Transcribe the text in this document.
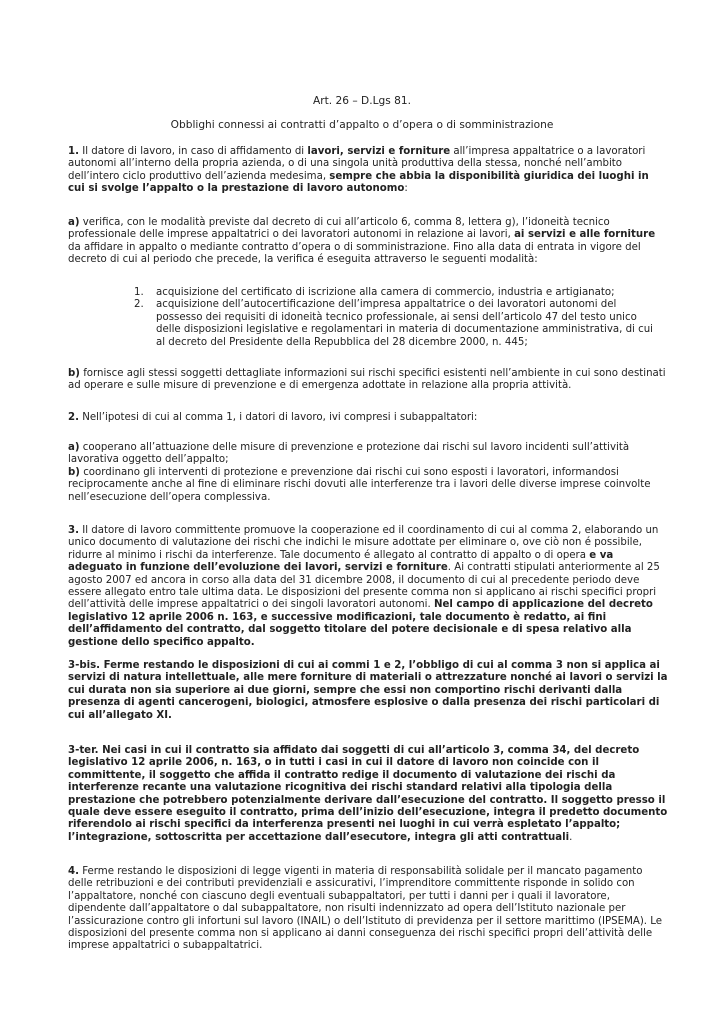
Art. 26 – D.Lgs 81.
Obblighi connessi ai contratti d’appalto o d’opera o di somministrazione

1. Il datore di lavoro, in caso di affidamento di lavori, servizi e forniture all’impresa appaltatrice o a lavoratori autonomi all’interno della propria azienda, o di una singola unità produttiva della stessa, nonché nell’ambito dell’intero ciclo produttivo dell’azienda medesima, sempre che abbia la disponibilità giuridica dei luoghi in cui si svolge l’appalto o la prestazione di lavoro autonomo:

a) verifica, con le modalità previste dal decreto di cui all’articolo 6, comma 8, lettera g), l’idoneità tecnico professionale delle imprese appaltatrici o dei lavoratori autonomi in relazione ai lavori, ai servizi e alle forniture da affidare in appalto o mediante contratto d’opera o di somministrazione. Fino alla data di entrata in vigore del decreto di cui al periodo che precede, la verifica é eseguita attraverso le seguenti modalità:

1. acquisizione del certificato di iscrizione alla camera di commercio, industria e artigianato;
2. acquisizione dell’autocertificazione dell’impresa appaltatrice o dei lavoratori autonomi del possesso dei requisiti di idoneità tecnico professionale, ai sensi dell’articolo 47 del testo unico delle disposizioni legislative e regolamentari in materia di documentazione amministrativa, di cui al decreto del Presidente della Repubblica del 28 dicembre 2000, n. 445;

b) fornisce agli stessi soggetti dettagliate informazioni sui rischi specifici esistenti nell’ambiente in cui sono destinati ad operare e sulle misure di prevenzione e di emergenza adottate in relazione alla propria attività.

2. Nell’ipotesi di cui al comma 1, i datori di lavoro, ivi compresi i subappaltatori:

a) cooperano all’attuazione delle misure di prevenzione e protezione dai rischi sul lavoro incidenti sull’attività lavorativa oggetto dell’appalto;

b) coordinano gli interventi di protezione e prevenzione dai rischi cui sono esposti i lavoratori, informandosi reciprocamente anche al fine di eliminare rischi dovuti alle interferenze tra i lavori delle diverse imprese coinvolte nell’esecuzione dell’opera complessiva.

3. Il datore di lavoro committente promuove la cooperazione ed il coordinamento di cui al comma 2, elaborando un unico documento di valutazione dei rischi che indichi le misure adottate per eliminare o, ove ciò non é possibile, ridurre al minimo i rischi da interferenze. Tale documento é allegato al contratto di appalto o di opera e va adeguato in funzione dell’evoluzione dei lavori, servizi e forniture. Ai contratti stipulati anteriormente al 25 agosto 2007 ed ancora in corso alla data del 31 dicembre 2008, il documento di cui al precedente periodo deve essere allegato entro tale ultima data. Le disposizioni del presente comma non si applicano ai rischi specifici propri dell’attività delle imprese appaltatrici o dei singoli lavoratori autonomi. Nel campo di applicazione del decreto legislativo 12 aprile 2006 n. 163, e successive modificazioni, tale documento è redatto, ai fini dell’affidamento del contratto, dal soggetto titolare del potere decisionale e di spesa relativo alla gestione dello specifico appalto.

3-bis. Ferme restando le disposizioni di cui ai commi 1 e 2, l’obbligo di cui al comma 3 non si applica ai servizi di natura intellettuale, alle mere forniture di materiali o attrezzature nonché ai lavori o servizi la cui durata non sia superiore ai due giorni, sempre che essi non comportino rischi derivanti dalla presenza di agenti cancerogeni, biologici, atmosfere esplosive o dalla presenza dei rischi particolari di cui all’allegato XI.

3-ter. Nei casi in cui il contratto sia affidato dai soggetti di cui all’articolo 3, comma 34, del decreto legislativo 12 aprile 2006, n. 163, o in tutti i casi in cui il datore di lavoro non coincide con il committente, il soggetto che affida il contratto redige il documento di valutazione dei rischi da interferenze recante una valutazione ricognitiva dei rischi standard relativi alla tipologia della prestazione che potrebbero potenzialmente derivare dall’esecuzione del contratto. Il soggetto presso il quale deve essere eseguito il contratto, prima dell’inizio dell’esecuzione, integra il predetto documento riferendolo ai rischi specifici da interferenza presenti nei luoghi in cui verrà espletato l’appalto; l’integrazione, sottoscritta per accettazione dall’esecutore, integra gli atti contrattuali.

4. Ferme restando le disposizioni di legge vigenti in materia di responsabilità solidale per il mancato pagamento delle retribuzioni e dei contributi previdenziali e assicurativi, l’imprenditore committente risponde in solido con l’appaltatore, nonché con ciascuno degli eventuali subappaltatori, per tutti i danni per i quali il lavoratore, dipendente dall’appaltatore o dal subappaltatore, non risulti indennizzato ad opera dell’Istituto nazionale per l’assicurazione contro gli infortuni sul lavoro (INAIL) o dell’Istituto di previdenza per il settore marittimo (IPSEMA). Le disposizioni del presente comma non si applicano ai danni conseguenza dei rischi specifici propri dell’attività delle imprese appaltatrici o subappaltatrici.
